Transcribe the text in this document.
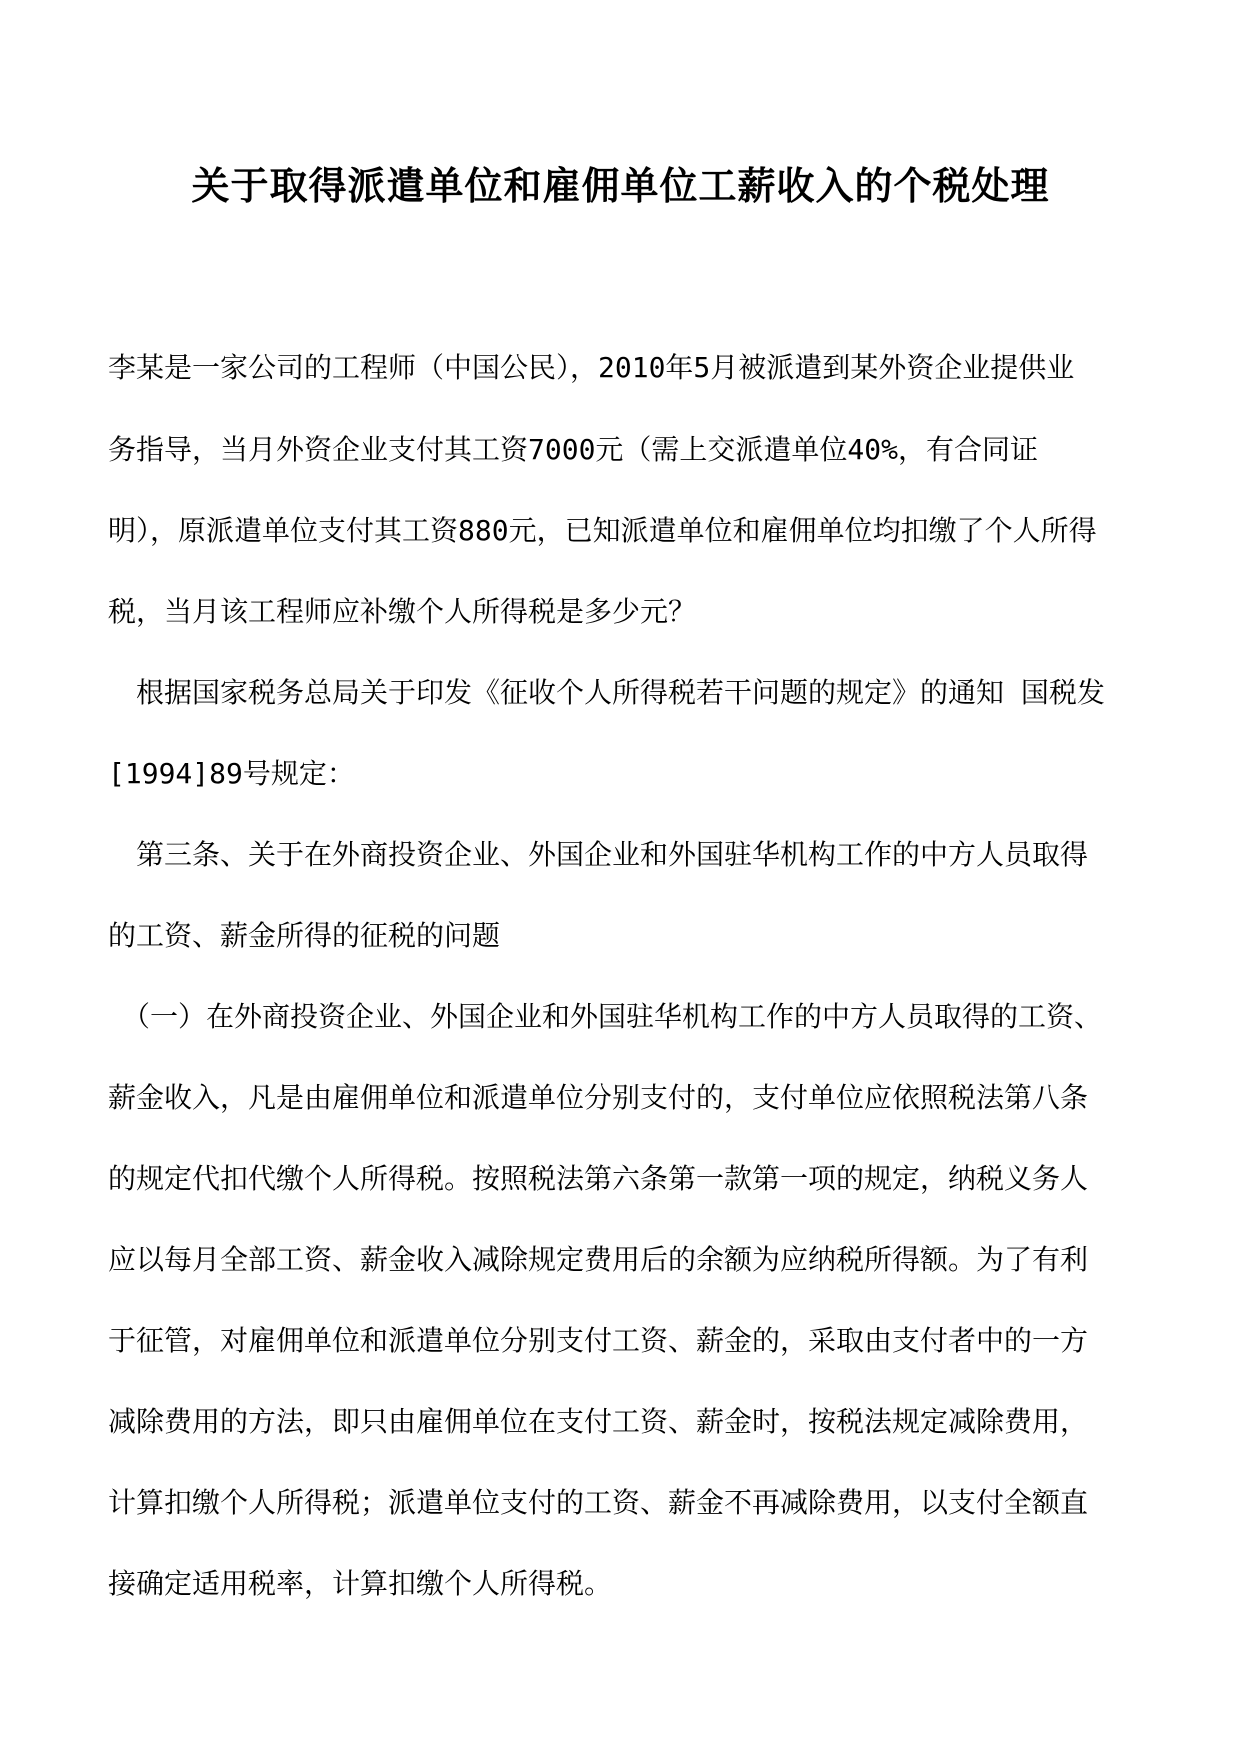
关于取得派遣单位和雇佣单位工薪收入的个税处理

李某是一家公司的工程师（中国公民），2010年5月被派遣到某外资企业提供业

务指导，当月外资企业支付其工资7000元（需上交派遣单位40%，有合同证

明），原派遣单位支付其工资880元，已知派遣单位和雇佣单位均扣缴了个人所得

税，当月该工程师应补缴个人所得税是多少元？

　根据国家税务总局关于印发《征收个人所得税若干问题的规定》的通知 国税发

[1994]89号规定：

　第三条、关于在外商投资企业、外国企业和外国驻华机构工作的中方人员取得

的工资、薪金所得的征税的问题

　（一）在外商投资企业、外国企业和外国驻华机构工作的中方人员取得的工资、

薪金收入，凡是由雇佣单位和派遣单位分别支付的，支付单位应依照税法第八条

的规定代扣代缴个人所得税。按照税法第六条第一款第一项的规定，纳税义务人

应以每月全部工资、薪金收入减除规定费用后的余额为应纳税所得额。为了有利

于征管，对雇佣单位和派遣单位分别支付工资、薪金的，采取由支付者中的一方

减除费用的方法，即只由雇佣单位在支付工资、薪金时，按税法规定减除费用，

计算扣缴个人所得税；派遣单位支付的工资、薪金不再减除费用，以支付全额直

接确定适用税率，计算扣缴个人所得税。
